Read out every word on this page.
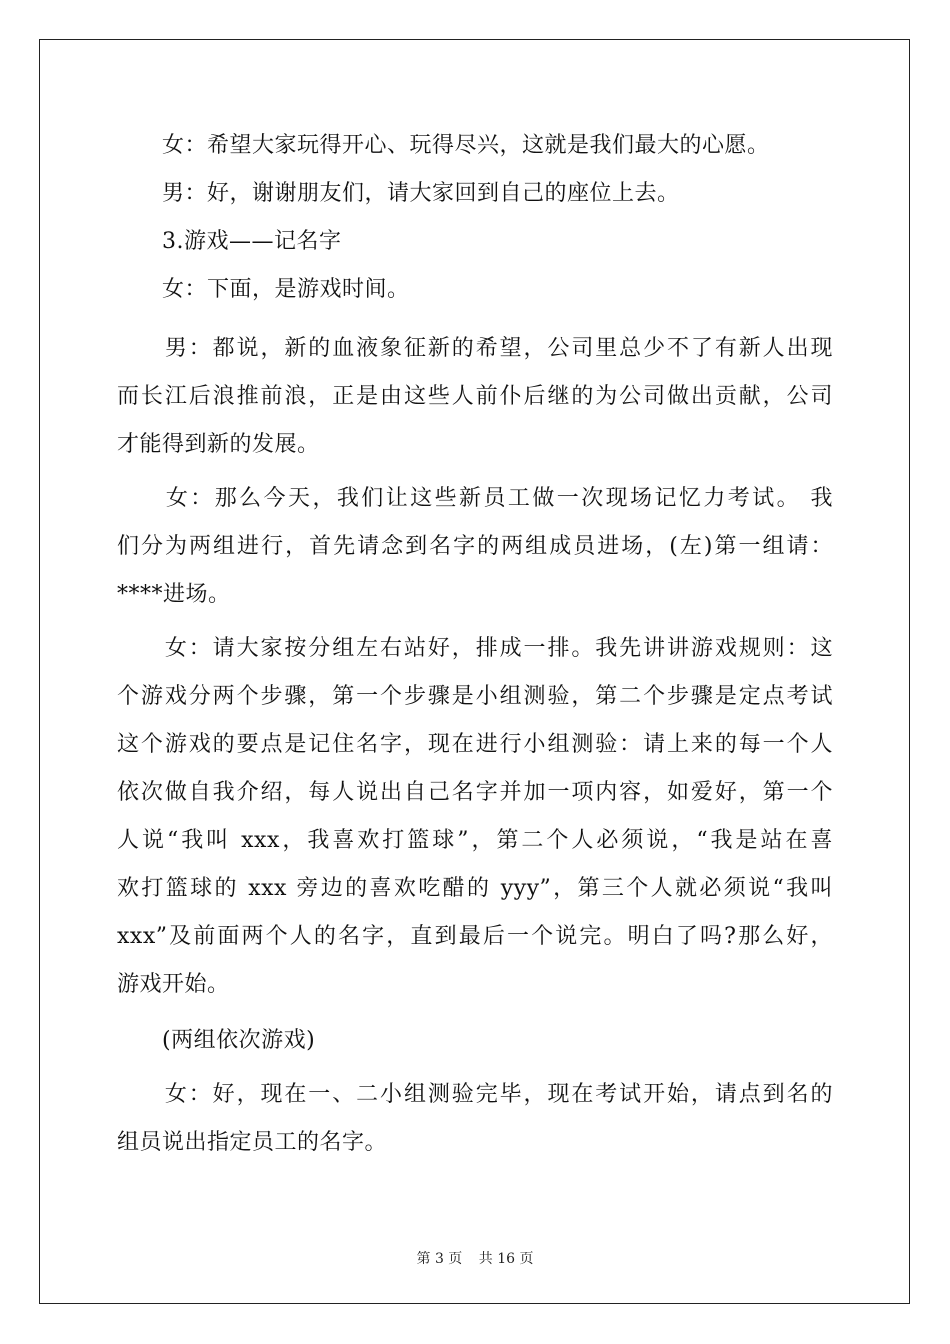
　　女：希望大家玩得开心、玩得尽兴，这就是我们最大的心愿。
　　男：好，谢谢朋友们，请大家回到自己的座位上去。
　　3.游戏——记名字
　　女：下面，是游戏时间。
　　男：都说，新的血液象征新的希望，公司里总少不了有新人出现
而长江后浪推前浪，正是由这些人前仆后继的为公司做出贡献，公司
才能得到新的发展。
　　女：那么今天，我们让这些新员工做一次现场记忆力考试。 我
们分为两组进行，首先请念到名字的两组成员进场，(左)第一组请：
****进场。
　　女：请大家按分组左右站好，排成一排。我先讲讲游戏规则：这
个游戏分两个步骤，第一个步骤是小组测验，第二个步骤是定点考试
这个游戏的要点是记住名字，现在进行小组测验：请上来的每一个人
依次做自我介绍，每人说出自己名字并加一项内容，如爱好，第一个
人说“我叫 xxx，我喜欢打篮球”，第二个人必须说，“我是站在喜
欢打篮球的 xxx 旁边的喜欢吃醋的 yyy”，第三个人就必须说“我叫
xxx”及前面两个人的名字，直到最后一个说完。明白了吗?那么好，
游戏开始。
　　(两组依次游戏)
　　女：好，现在一、二小组测验完毕，现在考试开始，请点到名的
组员说出指定员工的名字。
第 3 页 共 16 页
